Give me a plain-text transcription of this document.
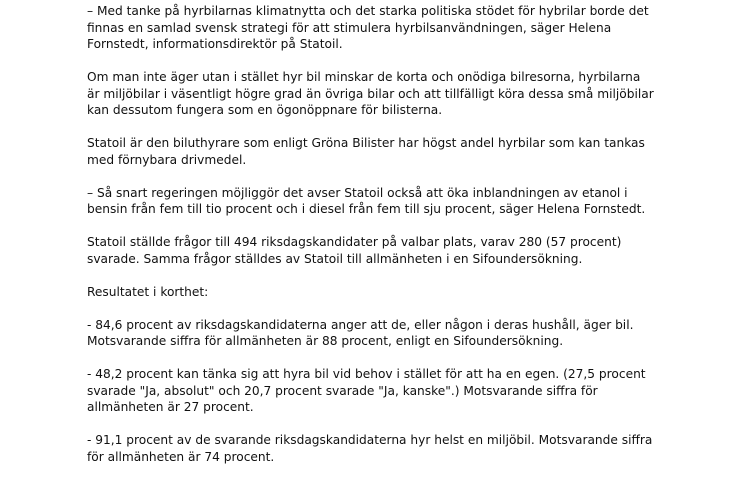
– Med tanke på hyrbilarnas klimatnytta och det starka politiska stödet för hybrilar borde det
finnas en samlad svensk strategi för att stimulera hyrbilsanvändningen, säger Helena
Fornstedt, informationsdirektör på Statoil.

Om man inte äger utan i stället hyr bil minskar de korta och onödiga bilresorna, hyrbilarna
är miljöbilar i väsentligt högre grad än övriga bilar och att tillfälligt köra dessa små miljöbilar
kan dessutom fungera som en ögonöppnare för bilisterna.

Statoil är den biluthyrare som enligt Gröna Bilister har högst andel hyrbilar som kan tankas
med förnybara drivmedel.

– Så snart regeringen möjliggör det avser Statoil också att öka inblandningen av etanol i
bensin från fem till tio procent och i diesel från fem till sju procent, säger Helena Fornstedt.

Statoil ställde frågor till 494 riksdagskandidater på valbar plats, varav 280 (57 procent)
svarade. Samma frågor ställdes av Statoil till allmänheten i en Sifoundersökning.

Resultatet i korthet:

- 84,6 procent av riksdagskandidaterna anger att de, eller någon i deras hushåll, äger bil.
Motsvarande siffra för allmänheten är 88 procent, enligt en Sifoundersökning.

- 48,2 procent kan tänka sig att hyra bil vid behov i stället för att ha en egen. (27,5 procent
svarade "Ja, absolut" och 20,7 procent svarade "Ja, kanske".) Motsvarande siffra för
allmänheten är 27 procent.

- 91,1 procent av de svarande riksdagskandidaterna hyr helst en miljöbil. Motsvarande siffra
för allmänheten är 74 procent.
